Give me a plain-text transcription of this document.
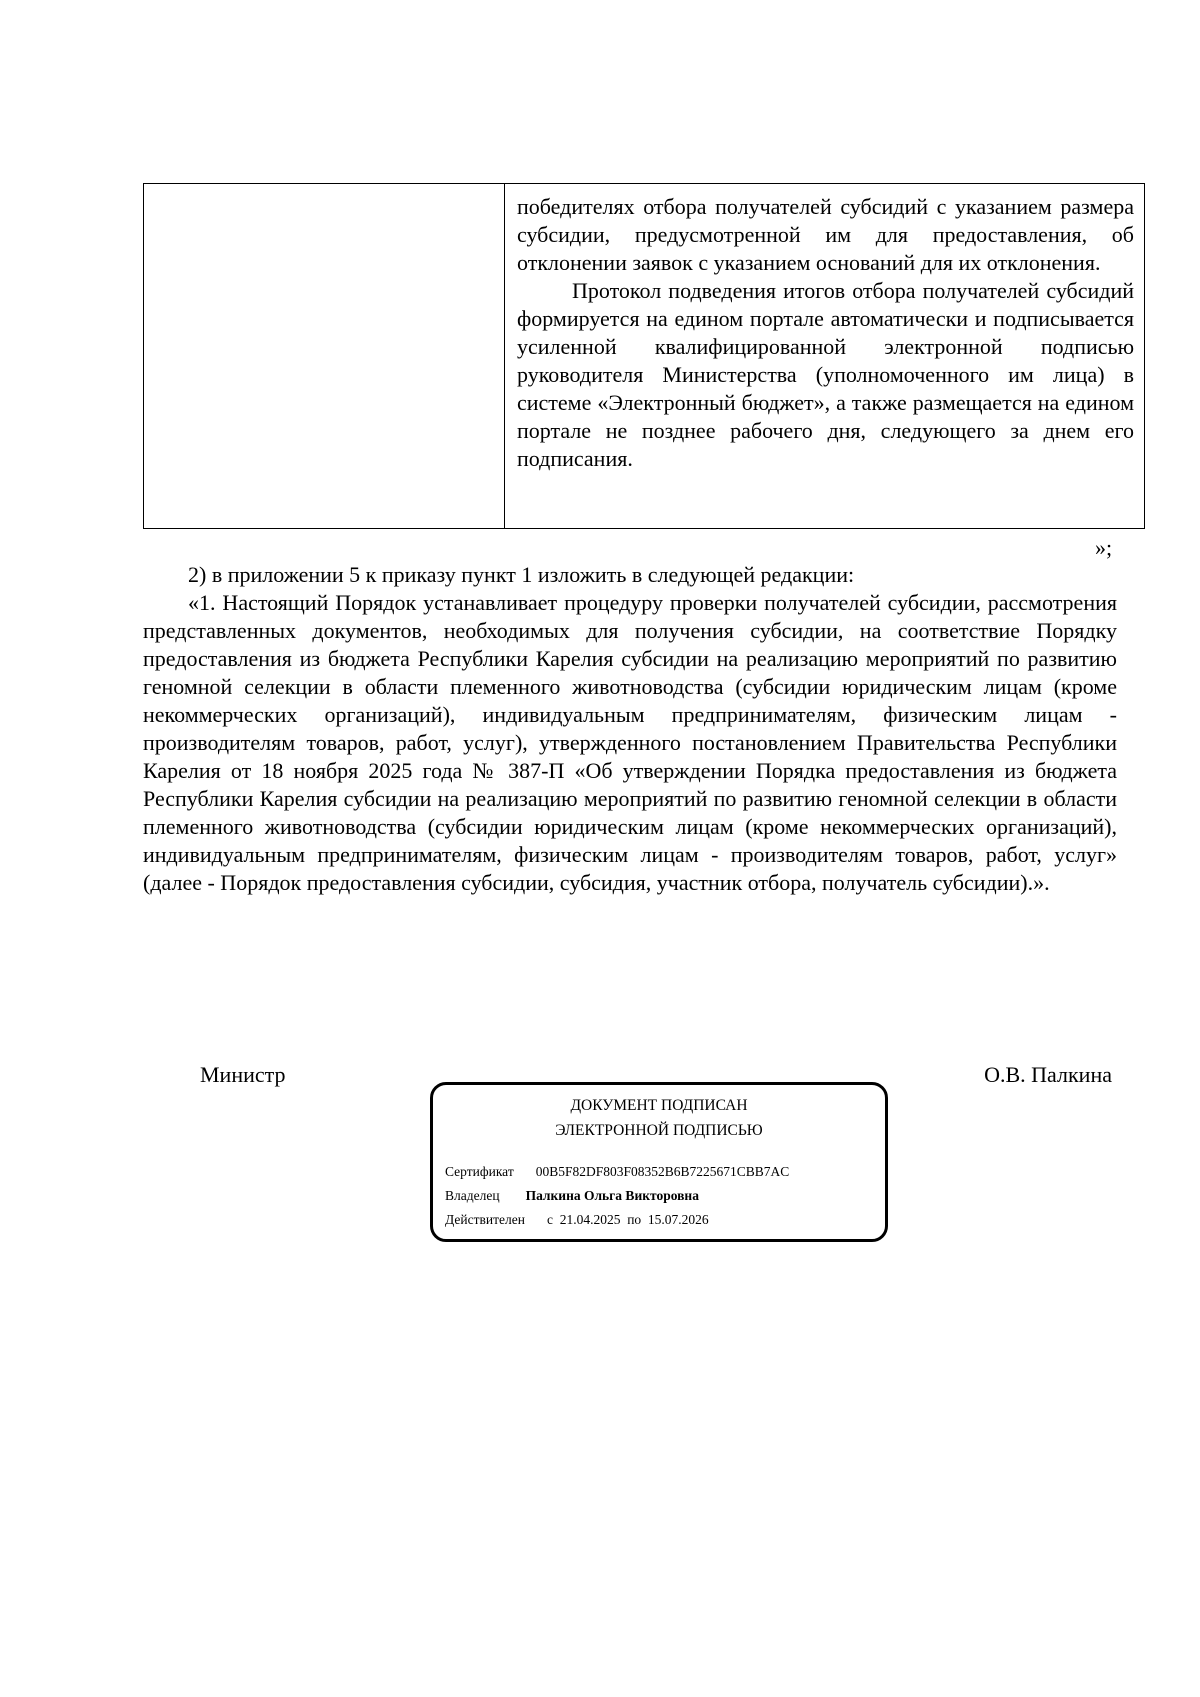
победителях отбора получателей субсидий с указанием размера субсидии, предусмотренной им для предоставления, об отклонении заявок с указанием оснований для их отклонения.

Протокол подведения итогов отбора получателей субсидий формируется на едином портале автоматически и подписывается усиленной квалифицированной электронной подписью руководителя Министерства (уполномоченного им лица) в системе «Электронный бюджет», а также размещается на едином портале не позднее рабочего дня, следующего за днем его подписания.

»;

2) в приложении 5 к приказу пункт 1 изложить в следующей редакции:

«1. Настоящий Порядок устанавливает процедуру проверки получателей субсидии, рассмотрения представленных документов, необходимых для получения субсидии, на соответствие Порядку предоставления из бюджета Республики Карелия субсидии на реализацию мероприятий по развитию геномной селекции в области племенного животноводства (субсидии юридическим лицам (кроме некоммерческих организаций), индивидуальным предпринимателям, физическим лицам - производителям товаров, работ, услуг), утвержденного постановлением Правительства Республики Карелия от 18 ноября 2025 года № 387-П «Об утверждении Порядка предоставления из бюджета Республики Карелия субсидии на реализацию мероприятий по развитию геномной селекции в области племенного животноводства (субсидии юридическим лицам (кроме некоммерческих организаций), индивидуальным предпринимателям, физическим лицам - производителям товаров, работ, услуг» (далее - Порядок предоставления субсидии, субсидия, участник отбора, получатель субсидии).».

Министр	О.В. Палкина
ДОКУМЕНТ ПОДПИСАН
ЭЛЕКТРОННОЙ ПОДПИСЬЮ
Сертификат 00B5F82DF803F08352B6B7225671CBB7AC
Владелец Палкина Ольга Викторовна
Действителен с 21.04.2025 по 15.07.2026
